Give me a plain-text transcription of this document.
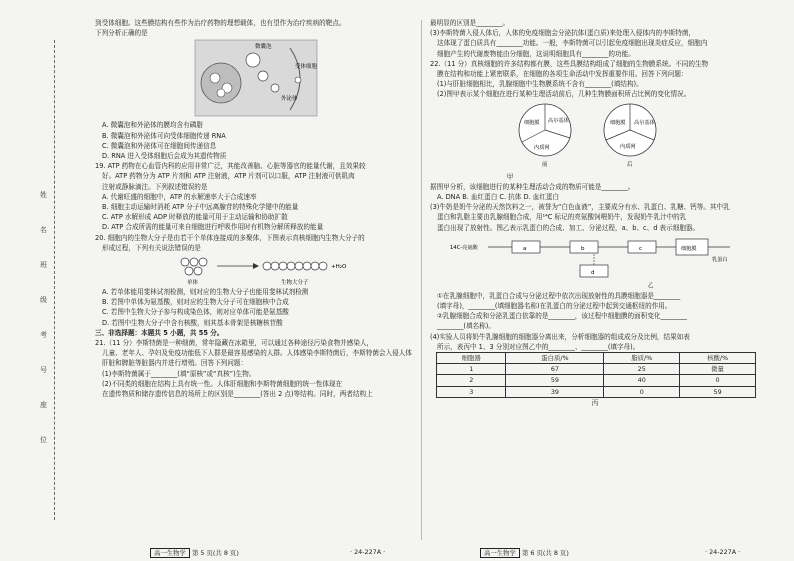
姓
名
班
级
考
号
座
位
到受体细胞。这些膜结构有些作为治疗药物的理想载体，也有望作为治疗疾病的靶点。
下列分析正确的是
微囊泡
外泌体
受体细胞
A. 微囊泡和外泌体的膜均含有磷脂
B. 微囊泡和外泌体可向受体细胞传递 RNA
C. 微囊泡和外泌体可在细胞间传递信息
D. RNA 进入受体细胞后会成为其遗传物质
19. ATP 药物在心血管内科的应用非常广泛，其能改善脑、心脏等器官的能量代谢，且效果较
好。ATP 药物分为 ATP 片剂和 ATP 注射液，ATP 片剂可以口服，ATP 注射液可供肌肉
注射或静脉滴注。下列叙述错误的是
A. 代谢旺盛的细胞中，ATP 的水解速率大于合成速率
B. 细胞主动运输时消耗 ATP 分子中远离腺苷的特殊化学键中的能量
C. ATP 水解形成 ADP 时释放的能量可用于主动运输和协助扩散
D. ATP 合成所需的能量可来自细胞进行呼吸作用时有机物分解所释放的能量
20. 细胞内的生物大分子是由若干个单体连接成的多聚体，下图表示真核细胞内生物大分子的
形成过程，下列有关说法错误的是
+H₂O
单体	生物大分子
A. 若单体能用斐林试剂检测，则对应的生物大分子也能用斐林试剂检测
B. 若图中单体为氨基酸，则对应的生物大分子可在细胞核中合成
C. 若图中生物大分子参与构成染色体，则对应单体可能是氨基酸
D. 若图中生物大分子中含有核酸，则其基本骨架是核糖核苷酸
三、非选择题：本题共 5 小题，共 55 分。
21.（11 分）李斯特菌是一种细菌，常年隐藏在冰箱里，可以通过各种途径污染食物并感染人，
儿童、老年人、孕妇及免疫功能低下人群是最容易感染的人群。人体感染李斯特菌后，李斯特菌会入侵人体
肝脏和脾脏等脏器内并进行增殖。回答下列问题：
(1)李斯特菌属于________(填“原核”或“真核”)生物。
(2)不同类的细胞在结构上具有统一性。人体肝细胞和李斯特菌细胞的统一性体现在
在遗传物质和储存遗传信息的场所上的区别是________(答出 2 点)等结构。同时，两者结构上
高一生物学 第 5 页(共 8 页)	· 24-227A ·
最明显的区别是________。
(3)李斯特菌入侵人体后，人体的免疫细胞会分泌抗体(蛋白质)来处理入侵体内的李斯特菌，
这体现了蛋白质具有________功能。一般，李斯特菌可以引起免疫细胞出现炎症反应，细胞内
细胞产生的代谢废物能由分细胞，这说明细胞具有________的功能。
22.（11 分）真核细胞的许多结构都有膜，这些具膜结构组成了细胞的生物膜系统。不同的生物
膜在结构和功能上紧密联系，在细胞的各项生命活动中发挥重要作用。回答下列问题：
(1)与肝脏细胞相比，乳腺细胞中生物膜系统不含有________(填结构)。
(2)图甲表示某个细胞在进行某种生理活动前后，几种生物膜面积所占比例的变化情况。
内质网
高尔基体
细胞膜	细胞膜 高尔基体
内质网
前	后
甲
据图甲分析，该细胞进行的某种生理活动合成的物质可能是________。
A. DNA B. 血红蛋白 C. 抗体 D. 血红蛋白
(3)牛奶是奶牛分泌的天然饮料之一，被誉为“白色血液”，主要成分有水、乳蛋白、乳糖、钙等。其中乳
蛋白和乳脂主要由乳腺细胞合成，用¹⁴C 标记的亮氨酸饲喂奶牛，发现奶牛乳汁中的乳
蛋白出现了放射性。图乙表示乳蛋白的合成、加工、分泌过程，a、b、c、d 表示细胞器。
14C-亮氨酸	a	b	c	细胞膜
乳蛋白
d
乙
①在乳腺细胞中，乳蛋白合成与分泌过程中依次出现放射性的具膜细胞器是________
(填字母)，________(填细胞器名称)在乳蛋白的分泌过程中起到交通枢纽的作用。
②乳腺细胞合成和分泌乳蛋白依靠的是________，该过程中细胞膜的面积变化________
________(填名称)。
(4)实验人员将奶牛乳腺细胞的细胞器分离出来，分析细胞器的组成成分及比例，结果如表
所示，表丙中 1、3 分别对应图乙中的________、________(填字母)。
细胞器	蛋白质/%	脂质/%	核酸/%
1	67	25	微量
2	59	40	0
3	39	0	59
丙
高一生物学 第 6 页(共 8 页)	· 24-227A ·
